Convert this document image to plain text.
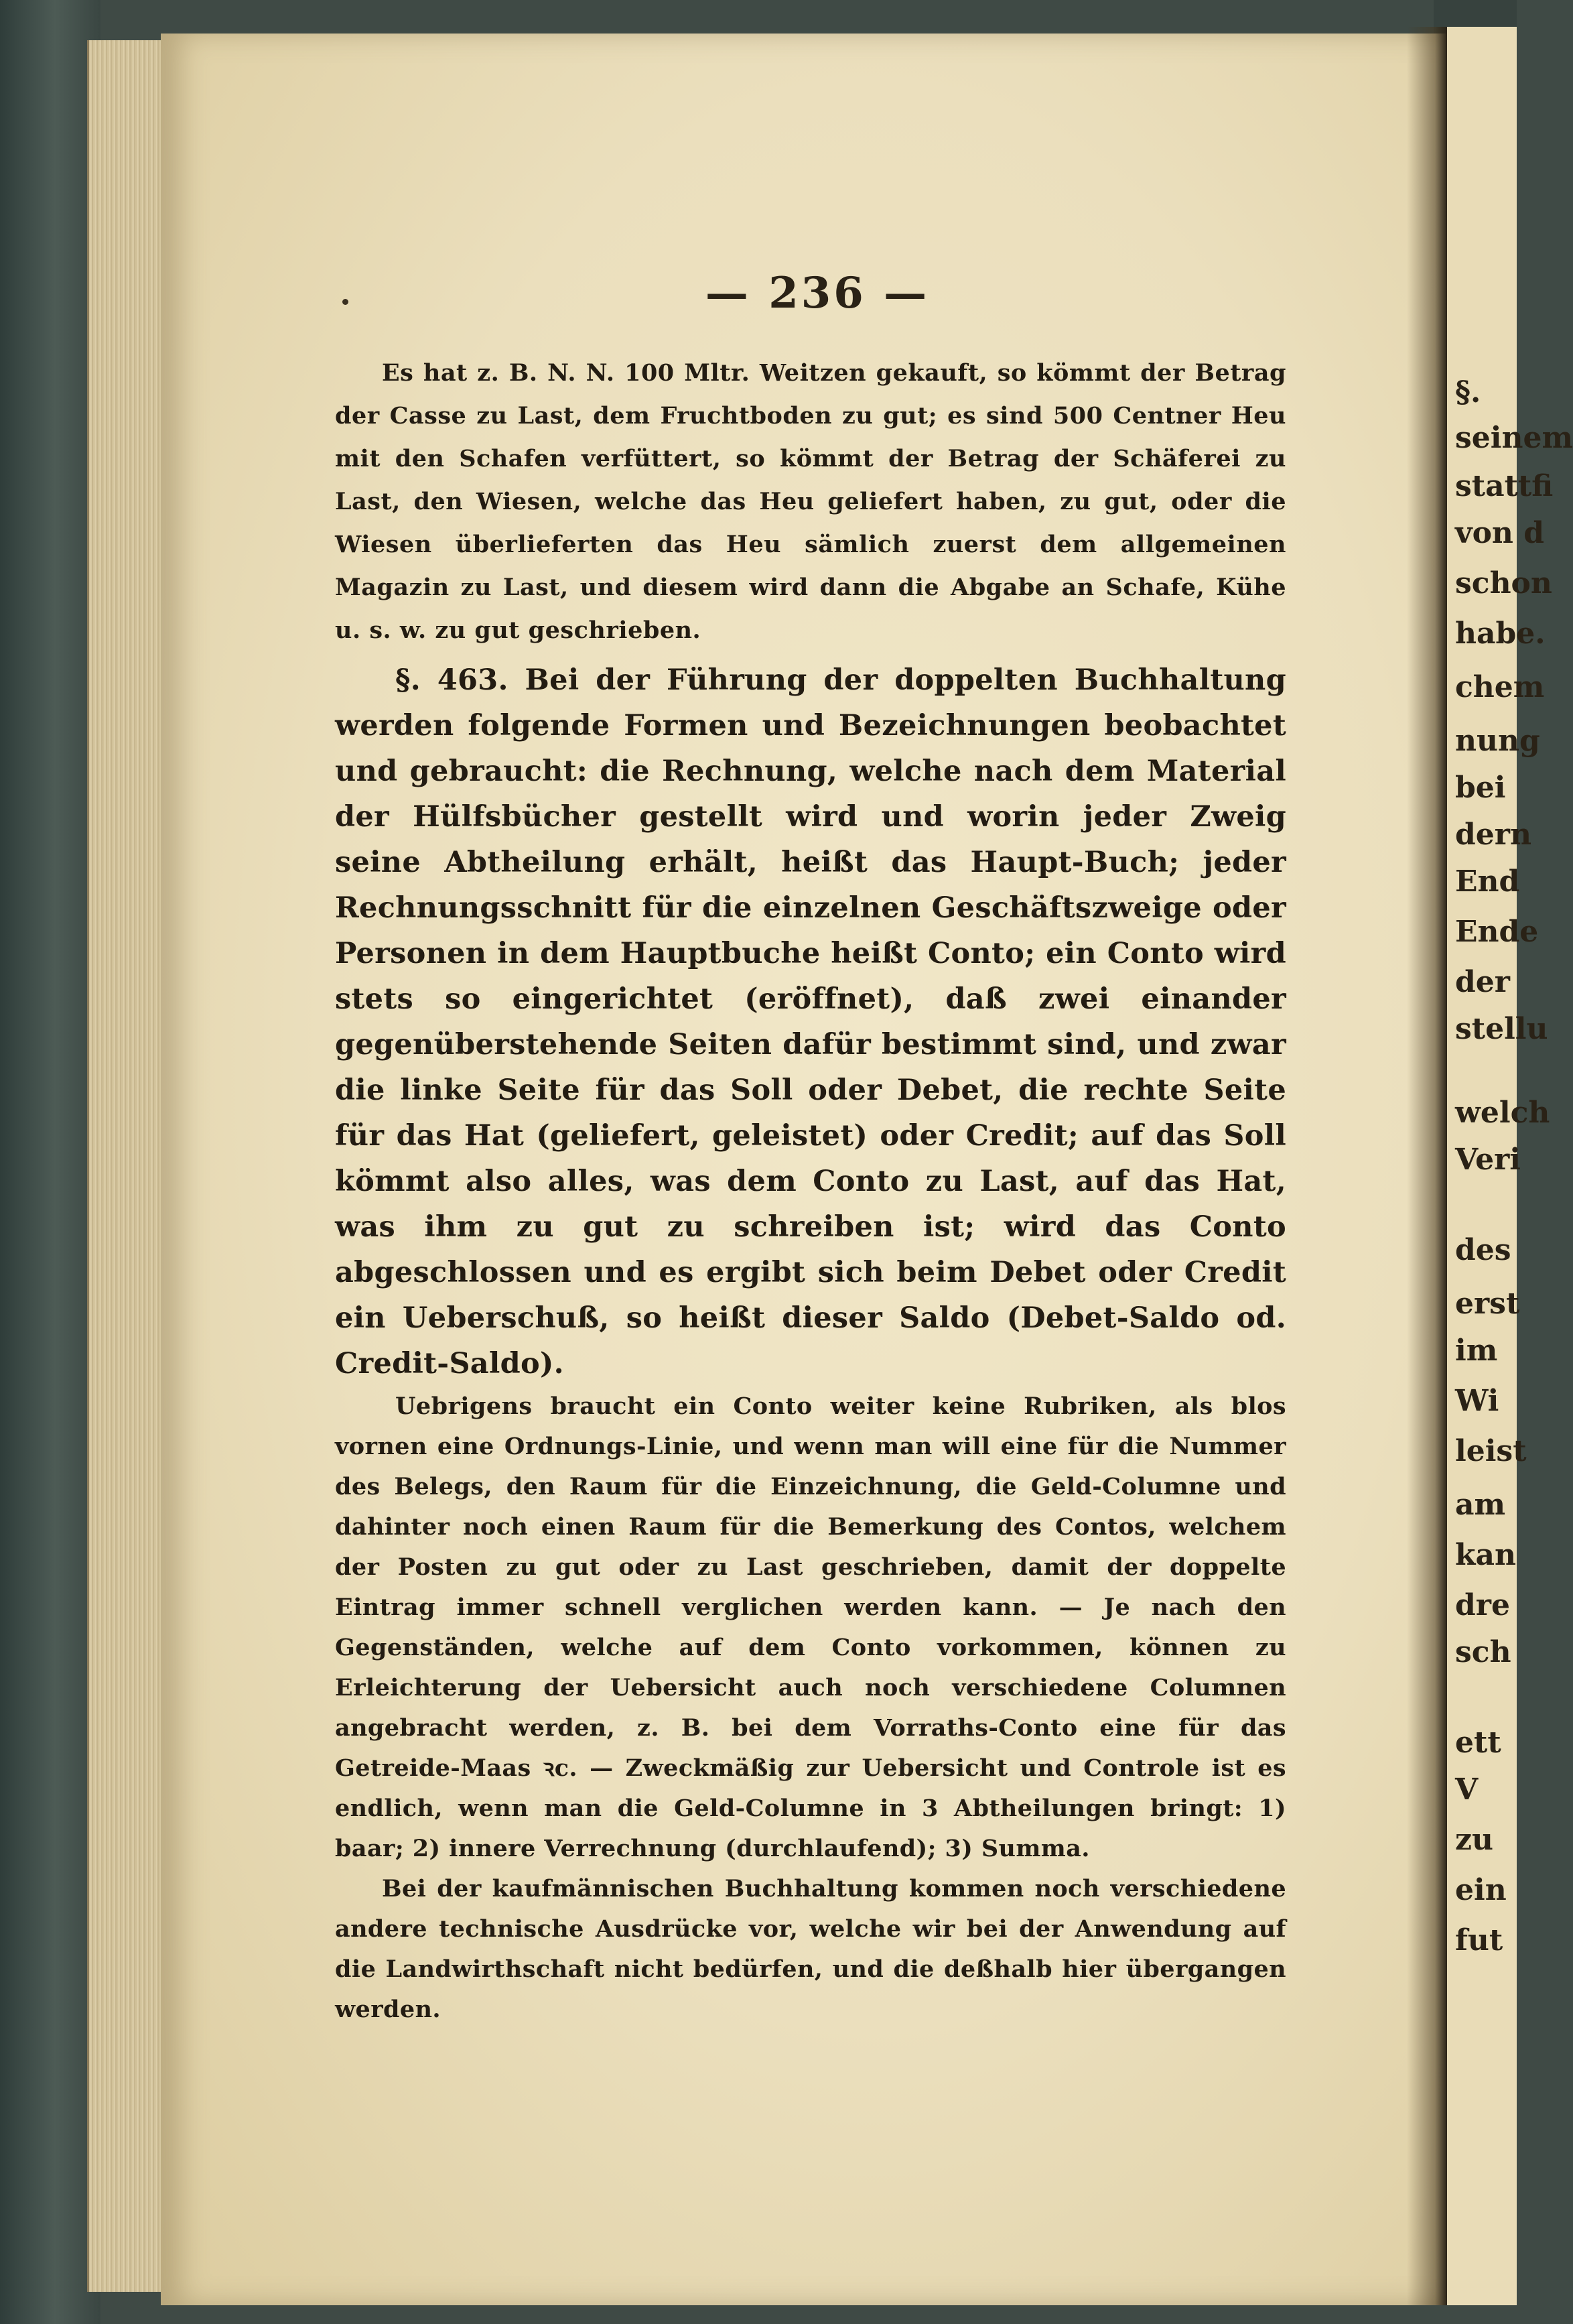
— 236 —

Es hat z. B. N. N. 100 Mltr. Weitzen gekauft, so kömmt der Betrag der Casse zu Last, dem Fruchtboden zu gut; es sind 500 Centner Heu mit den Schafen verfüttert, so kömmt der Betrag der Schäferei zu Last, den Wiesen, welche das Heu geliefert haben, zu gut, oder die Wiesen überlieferten das Heu sämlich zuerst dem allgemeinen Magazin zu Last, und diesem wird dann die Abgabe an Schafe, Kühe u. s. w. zu gut geschrieben.

§. 463. Bei der Führung der doppelten Buchhaltung werden folgende Formen und Bezeichnungen beobachtet und gebraucht: die Rechnung, welche nach dem Material der Hülfsbücher gestellt wird und worin jeder Zweig seine Abtheilung erhält, heißt das Haupt-Buch; jeder Rechnungsschnitt für die einzelnen Geschäftszweige oder Personen in dem Hauptbuche heißt Conto; ein Conto wird stets so eingerichtet (eröffnet), daß zwei einander gegenüberstehende Seiten dafür bestimmt sind, und zwar die linke Seite für das Soll oder Debet, die rechte Seite für das Hat (geliefert, geleistet) oder Credit; auf das Soll kömmt also alles, was dem Conto zu Last, auf das Hat, was ihm zu gut zu schreiben ist; wird das Conto abgeschlossen und es ergibt sich beim Debet oder Credit ein Ueberschuß, so heißt dieser Saldo (Debet-Saldo od. Credit-Saldo).

Uebrigens braucht ein Conto weiter keine Rubriken, als blos vornen eine Ordnungs-Linie, und wenn man will eine für die Nummer des Belegs, den Raum für die Einzeichnung, die Geld-Columne und dahinter noch einen Raum für die Bemerkung des Contos, welchem der Posten zu gut oder zu Last geschrieben, damit der doppelte Eintrag immer schnell verglichen werden kann. — Je nach den Gegenständen, welche auf dem Conto vorkommen, können zu Erleichterung der Uebersicht auch noch verschiedene Columnen angebracht werden, z. B. bei dem Vorraths-Conto eine für das Getreide-Maas ꝛc. — Zweckmäßig zur Uebersicht und Controle ist es endlich, wenn man die Geld-Columne in 3 Abtheilungen bringt: 1) baar; 2) innere Verrechnung (durchlaufend); 3) Summa.

Bei der kaufmännischen Buchhaltung kommen noch verschiedene andere technische Ausdrücke vor, welche wir bei der Anwendung auf die Landwirthschaft nicht bedürfen, und die deßhalb hier übergangen werden.

§.
seinem
stattfi
von d
schon
habe.
chem
nung
bei
dern
End
Ende
der
stellu
welch
Veri
des
erst
im
Wi
leist
am
kan
dre
sch
ett
V
zu
ein
fut
